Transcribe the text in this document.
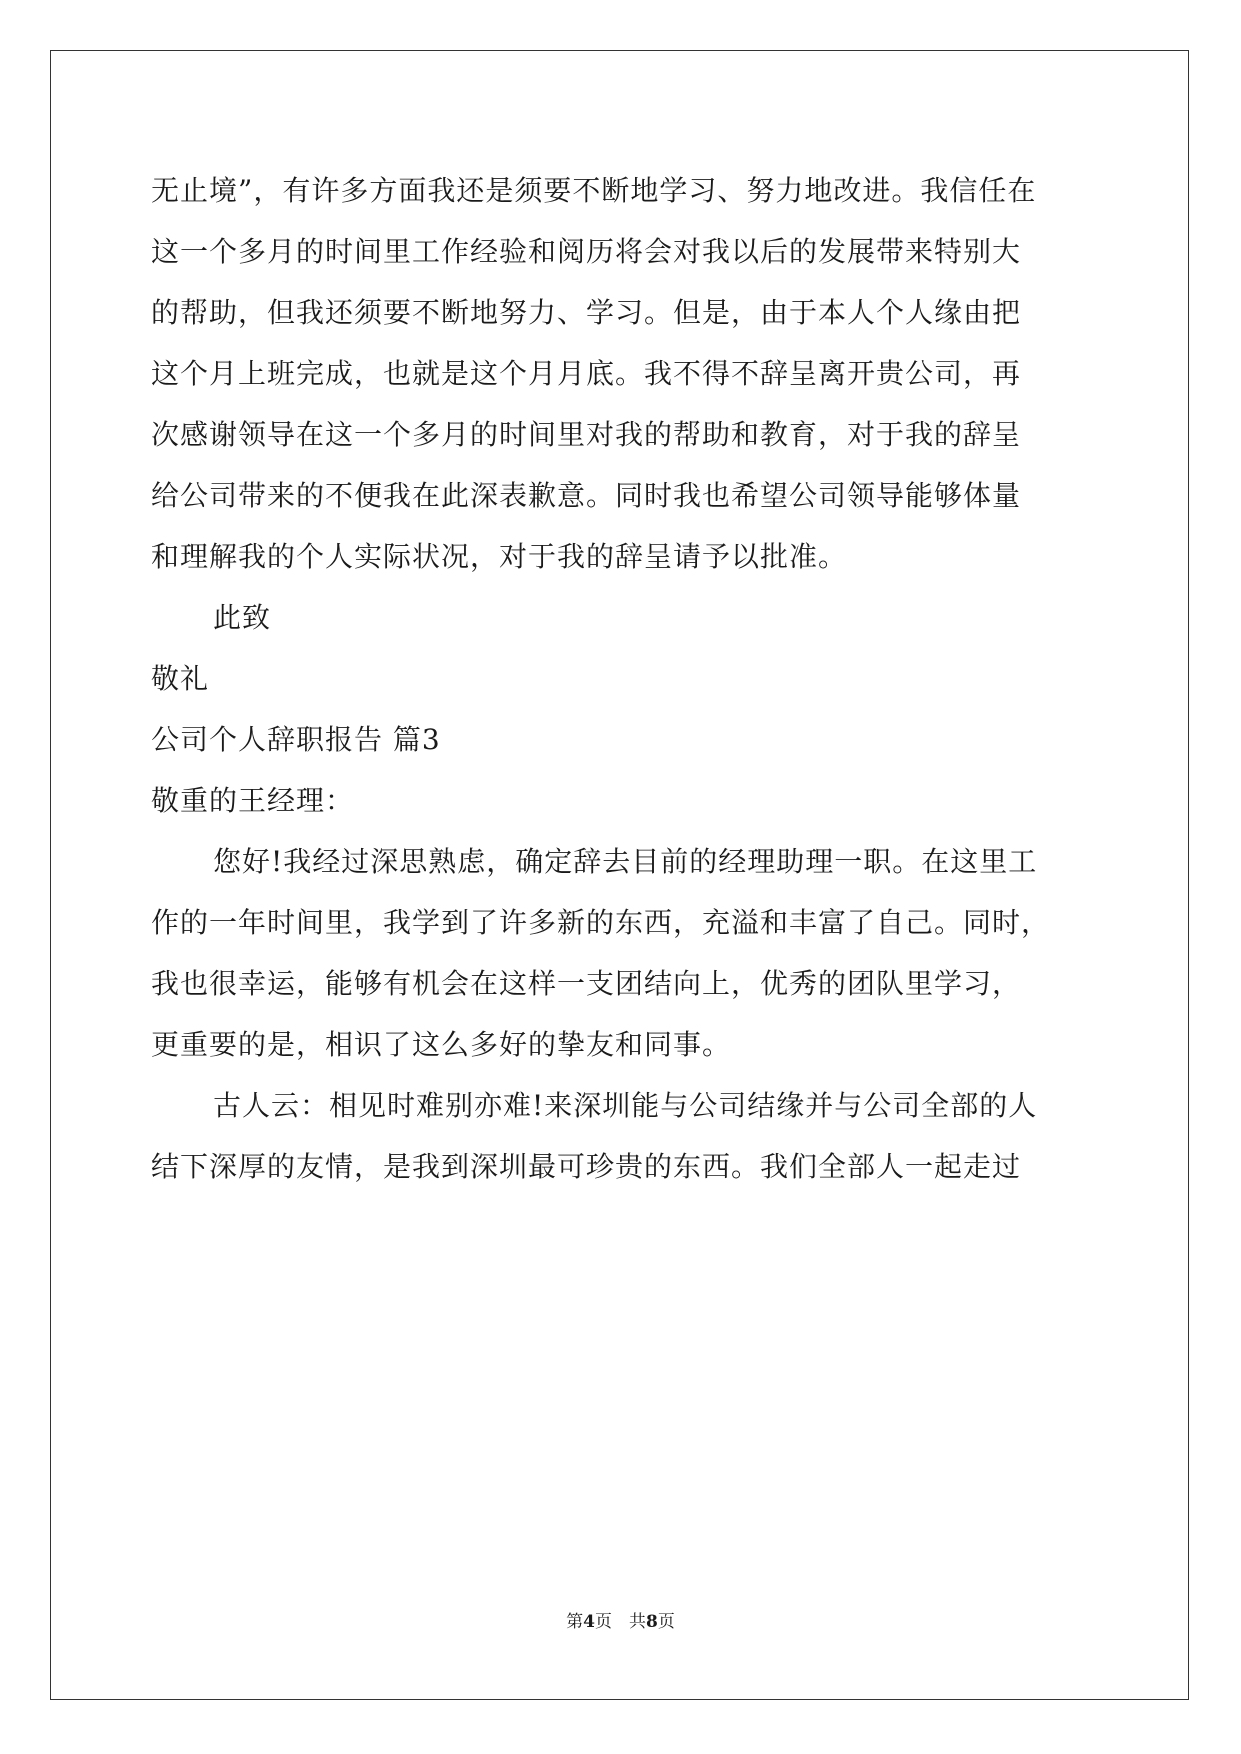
无止境”，有许多方面我还是须要不断地学习、努力地改进。我信任在
这一个多月的时间里工作经验和阅历将会对我以后的发展带来特别大
的帮助，但我还须要不断地努力、学习。但是，由于本人个人缘由把
这个月上班完成，也就是这个月月底。我不得不辞呈离开贵公司，再
次感谢领导在这一个多月的时间里对我的帮助和教育，对于我的辞呈
给公司带来的不便我在此深表歉意。同时我也希望公司领导能够体量
和理解我的个人实际状况，对于我的辞呈请予以批准。
此致
敬礼
公司个人辞职报告 篇3
敬重的王经理：
您好!我经过深思熟虑，确定辞去目前的经理助理一职。在这里工
作的一年时间里，我学到了许多新的东西，充溢和丰富了自己。同时，
我也很幸运，能够有机会在这样一支团结向上，优秀的团队里学习，
更重要的是，相识了这么多好的挚友和同事。
古人云：相见时难别亦难!来深圳能与公司结缘并与公司全部的人
结下深厚的友情，是我到深圳最可珍贵的东西。我们全部人一起走过
第4页　共8页
